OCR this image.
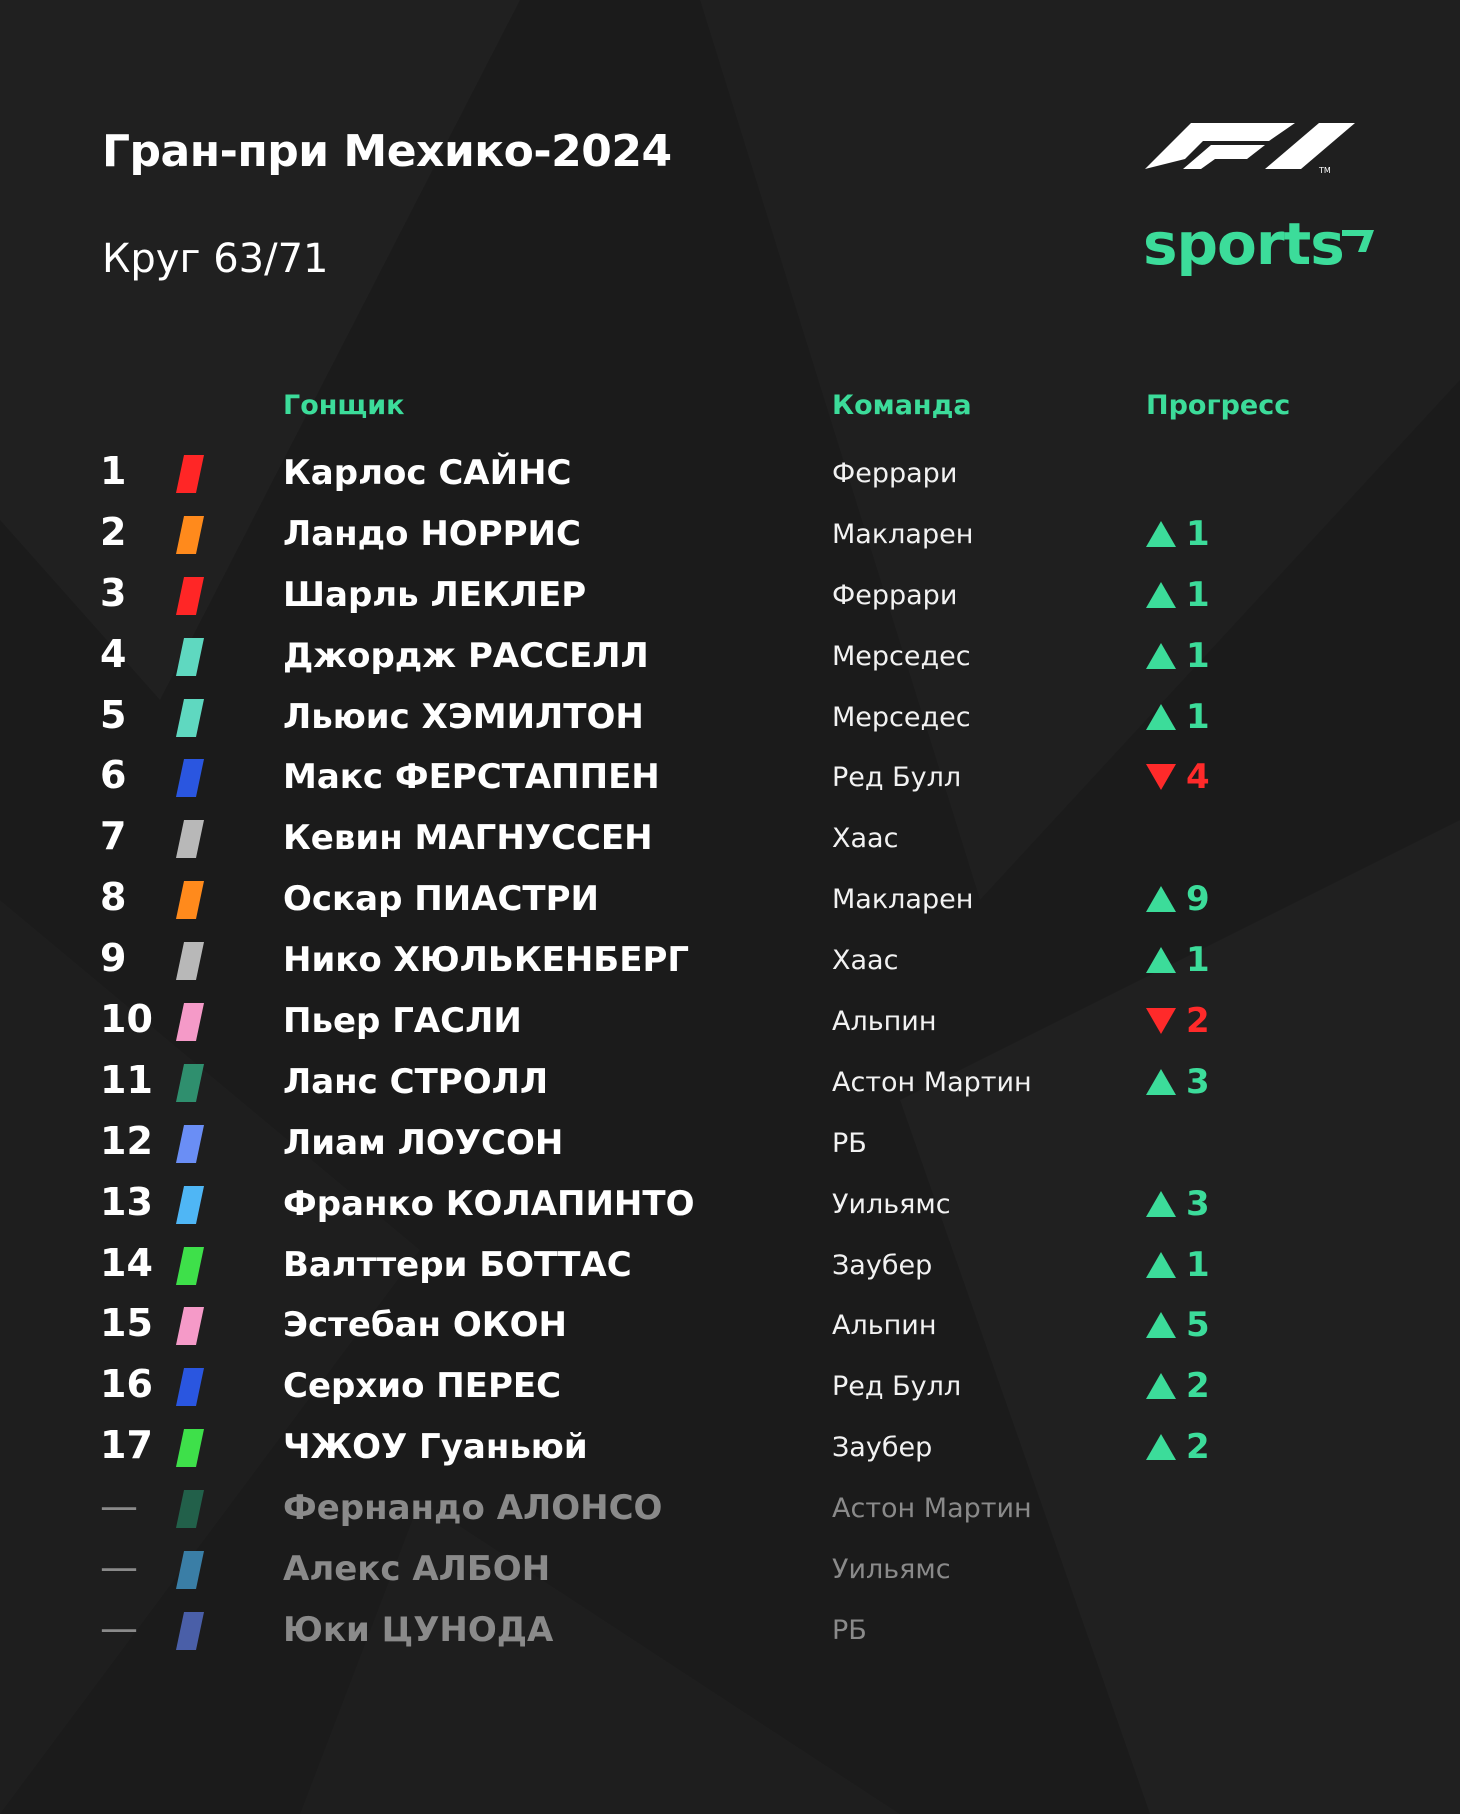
Гран-при Мехико-2024
Круг 63/71
TM
sports
Гонщик	Команда	Прогресс
1	Карлос САЙНС	Феррари
2	Ландо НОРРИС	Макларен	1
3	Шарль ЛЕКЛЕР	Феррари	1
4	Джордж РАССЕЛЛ	Мерседес	1
5	Льюис ХЭМИЛТОН	Мерседес	1
6	Макс ФЕРСТАППЕН	Ред Булл	4
7	Кевин МАГНУССЕН	Хаас
8	Оскар ПИАСТРИ	Макларен	9
9	Нико ХЮЛЬКЕНБЕРГ	Хаас	1
10	Пьер ГАСЛИ	Альпин	2
11	Ланс СТРОЛЛ	Астон Мартин	3
12	Лиам ЛОУСОН	РБ
13	Франко КОЛАПИНТО	Уильямс	3
14	Валттери БОТТАС	Заубер	1
15	Эстебан ОКОН	Альпин	5
16	Серхио ПЕРЕС	Ред Булл	2
17	ЧЖОУ Гуаньюй	Заубер	2
—	Фернандо АЛОНСО	Астон Мартин
—	Алекс АЛБОН	Уильямс
—	Юки ЦУНОДА	РБ
